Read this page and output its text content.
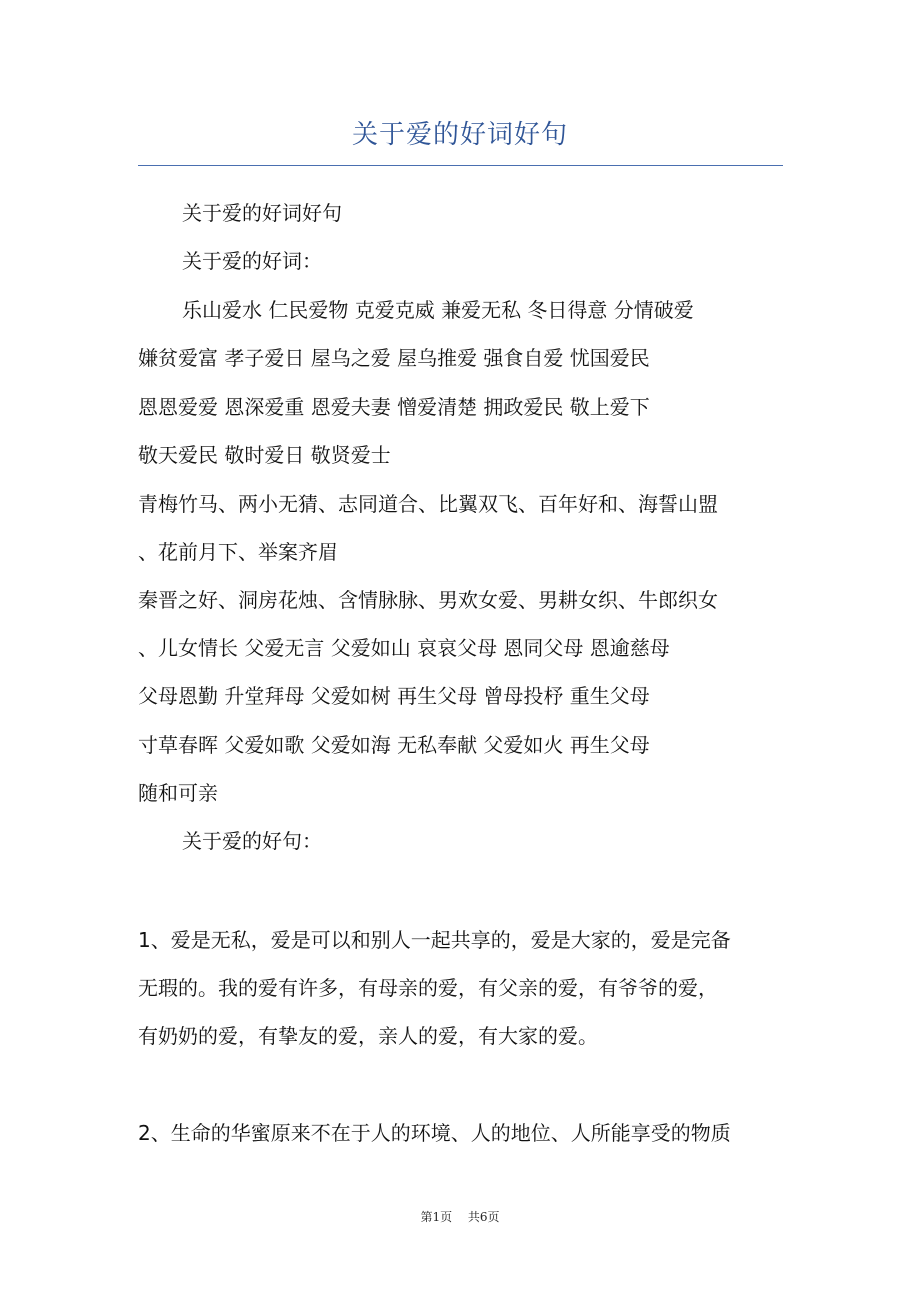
关于爱的好词好句
关于爱的好词好句
关于爱的好词：
乐山爱水 仁民爱物 克爱克威 兼爱无私 冬日得意 分情破爱
嫌贫爱富 孝子爱日 屋乌之爱 屋乌推爱 强食自爱 忧国爱民
恩恩爱爱 恩深爱重 恩爱夫妻 憎爱清楚 拥政爱民 敬上爱下
敬天爱民 敬时爱日 敬贤爱士
青梅竹马、两小无猜、志同道合、比翼双飞、百年好和、海誓山盟
、花前月下、举案齐眉
秦晋之好、洞房花烛、含情脉脉、男欢女爱、男耕女织、牛郎织女
、儿女情长 父爱无言 父爱如山 哀哀父母 恩同父母 恩逾慈母
父母恩勤 升堂拜母 父爱如树 再生父母 曾母投杼 重生父母
寸草春晖 父爱如歌 父爱如海 无私奉献 父爱如火 再生父母
随和可亲
关于爱的好句：
1、爱是无私，爱是可以和别人一起共享的，爱是大家的，爱是完备
无瑕的。我的爱有许多，有母亲的爱，有父亲的爱，有爷爷的爱，
有奶奶的爱，有挚友的爱，亲人的爱，有大家的爱。
2、生命的华蜜原来不在于人的环境、人的地位、人所能享受的物质
第1页 共6页
